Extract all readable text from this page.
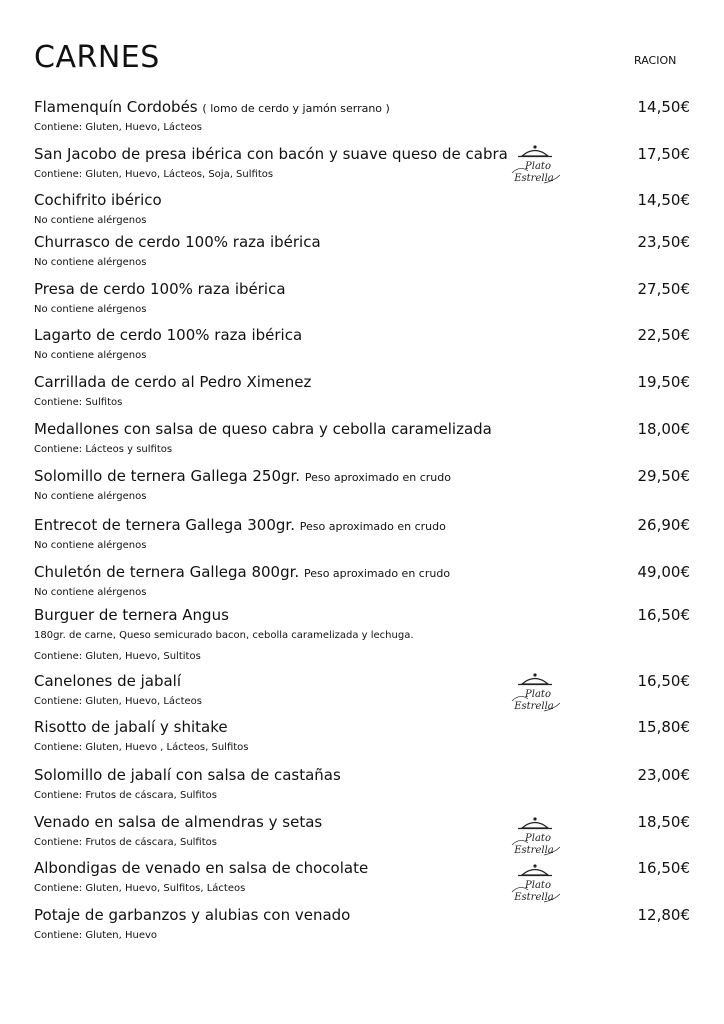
CARNES	RACION
Flamenquín Cordobés ( lomo de cerdo y jamón serrano )	14,50€
Contiene: Gluten, Huevo, Lácteos
San Jacobo de presa ibérica con bacón y suave queso de cabra	17,50€
Contiene: Gluten, Huevo, Lácteos, Soja, Sulfitos
Cochifrito ibérico	14,50€
No contiene alérgenos
Churrasco de cerdo 100% raza ibérica	23,50€
No contiene alérgenos
Presa de cerdo 100% raza ibérica	27,50€
No contiene alérgenos
Lagarto de cerdo 100% raza ibérica	22,50€
No contiene alérgenos
Carrillada de cerdo al Pedro Ximenez	19,50€
Contiene: Sulfitos
Medallones con salsa de queso cabra y cebolla caramelizada	18,00€
Contiene: Lácteos y sulfitos
Solomillo de ternera Gallega 250gr. Peso aproximado en crudo	29,50€
No contiene alérgenos
Entrecot de ternera Gallega 300gr. Peso aproximado en crudo	26,90€
No contiene alérgenos
Chuletón de ternera Gallega 800gr. Peso aproximado en crudo	49,00€
No contiene alérgenos
Burguer de ternera Angus	16,50€
180gr. de carne, Queso semicurado bacon, cebolla caramelizada y lechuga.
Contiene: Gluten, Huevo, Sultitos
Canelones de jabalí	16,50€
Contiene: Gluten, Huevo, Lácteos
Risotto de jabalí y shitake	15,80€
Contiene: Gluten, Huevo , Lácteos, Sulfitos
Solomillo de jabalí con salsa de castañas	23,00€
Contiene: Frutos de cáscara, Sulfitos
Venado en salsa de almendras y setas	18,50€
Contiene: Frutos de cáscara, Sulfitos
Albondigas de venado en salsa de chocolate	16,50€
Contiene: Gluten, Huevo, Sulfitos, Lácteos
Potaje de garbanzos y alubias con venado	12,80€
Contiene: Gluten, Huevo
Plato
Estrella
Plato
Estrella
Plato
Estrella
Plato
Estrella
